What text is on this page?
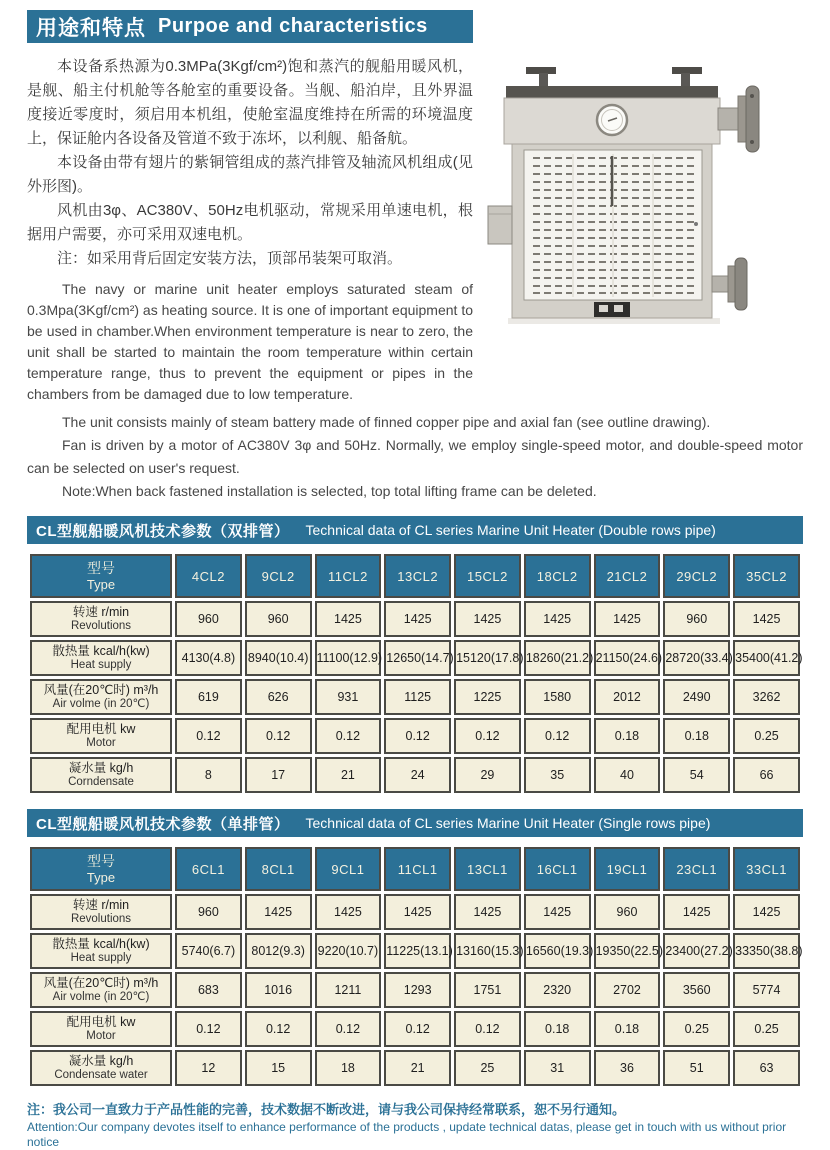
用途和特点 Purpoe and characteristics

本设备系热源为0.3MPa(3Kgf/cm²)饱和蒸汽的舰船用暖风机，是舰、船主付机舱等各舱室的重要设备。当舰、船泊岸，且外界温度接近零度时，须启用本机组，使舱室温度维持在所需的环境温度上，保证舱内各设备及管道不致于冻坏，以利舰、船备航。

本设备由带有翅片的紫铜管组成的蒸汽排管及轴流风机组成(见外形图)。

风机由3φ、AC380V、50Hz电机驱动，常规采用单速电机，根据用户需要，亦可采用双速电机。

注：如采用背后固定安装方法，顶部吊装架可取消。

The navy or marine unit heater employs saturated steam of 0.3Mpa(3Kgf/cm²) as heating source. It is one of important equipment to be used in chamber.When environment temperature is near to zero, the unit shall be started to maintain the room temperature within certain temperature range, thus to prevent the equipment or pipes in the chambers from be damaged due to low temperature.

The unit consists mainly of steam battery made of finned copper pipe and axial fan (see outline drawing).

Fan is driven by a motor of AC380V 3φ and 50Hz. Normally, we employ single-speed motor, and double-speed motor can be selected on user's request.

Note:When back fastened installation is selected, top total lifting frame can be deleted.

CL型舰船暖风机技术参数（双排管） Technical data of CL series Marine Unit Heater (Double rows pipe)
型号
Type	4CL2	9CL2	11CL2	13CL2	15CL2	18CL2	21CL2	29CL2	35CL2

转速 r/min
Revolutions	960	960	1425	1425	1425	1425	1425	960	1425

散热量 kcal/h(kw)
Heat supply	4130(4.8)	8940(10.4)	11100(12.9)	12650(14.7)	15120(17.8)	18260(21.2)	21150(24.6)	28720(33.4)	35400(41.2)

风量(在20℃时) m³/h
Air volme (in 20℃)	619	626	931	1125	1225	1580	2012	2490	3262

配用电机 kw
Motor	0.12	0.12	0.12	0.12	0.12	0.12	0.18	0.18	0.25

凝水量 kg/h
Corndensate	8	17	21	24	29	35	40	54	66
CL型舰船暖风机技术参数（单排管） Technical data of CL series Marine Unit Heater (Single rows pipe)
型号
Type	6CL1	8CL1	9CL1	11CL1	13CL1	16CL1	19CL1	23CL1	33CL1

转速 r/min
Revolutions	960	1425	1425	1425	1425	1425	960	1425	1425

散热量 kcal/h(kw)
Heat supply	5740(6.7)	8012(9.3)	9220(10.7)	11225(13.1)	13160(15.3)	16560(19.3)	19350(22.5)	23400(27.2)	33350(38.8)

风量(在20℃时) m³/h
Air volme (in 20℃)	683	1016	1211	1293	1751	2320	2702	3560	5774

配用电机 kw
Motor	0.12	0.12	0.12	0.12	0.12	0.18	0.18	0.25	0.25

凝水量 kg/h
Condensate water	12	15	18	21	25	31	36	51	63

注：我公司一直致力于产品性能的完善，技术数据不断改进，请与我公司保持经常联系，恕不另行通知。

Attention:Our company devotes itself to enhance performance of the products , update technical datas, please get in touch with us without prior notice
